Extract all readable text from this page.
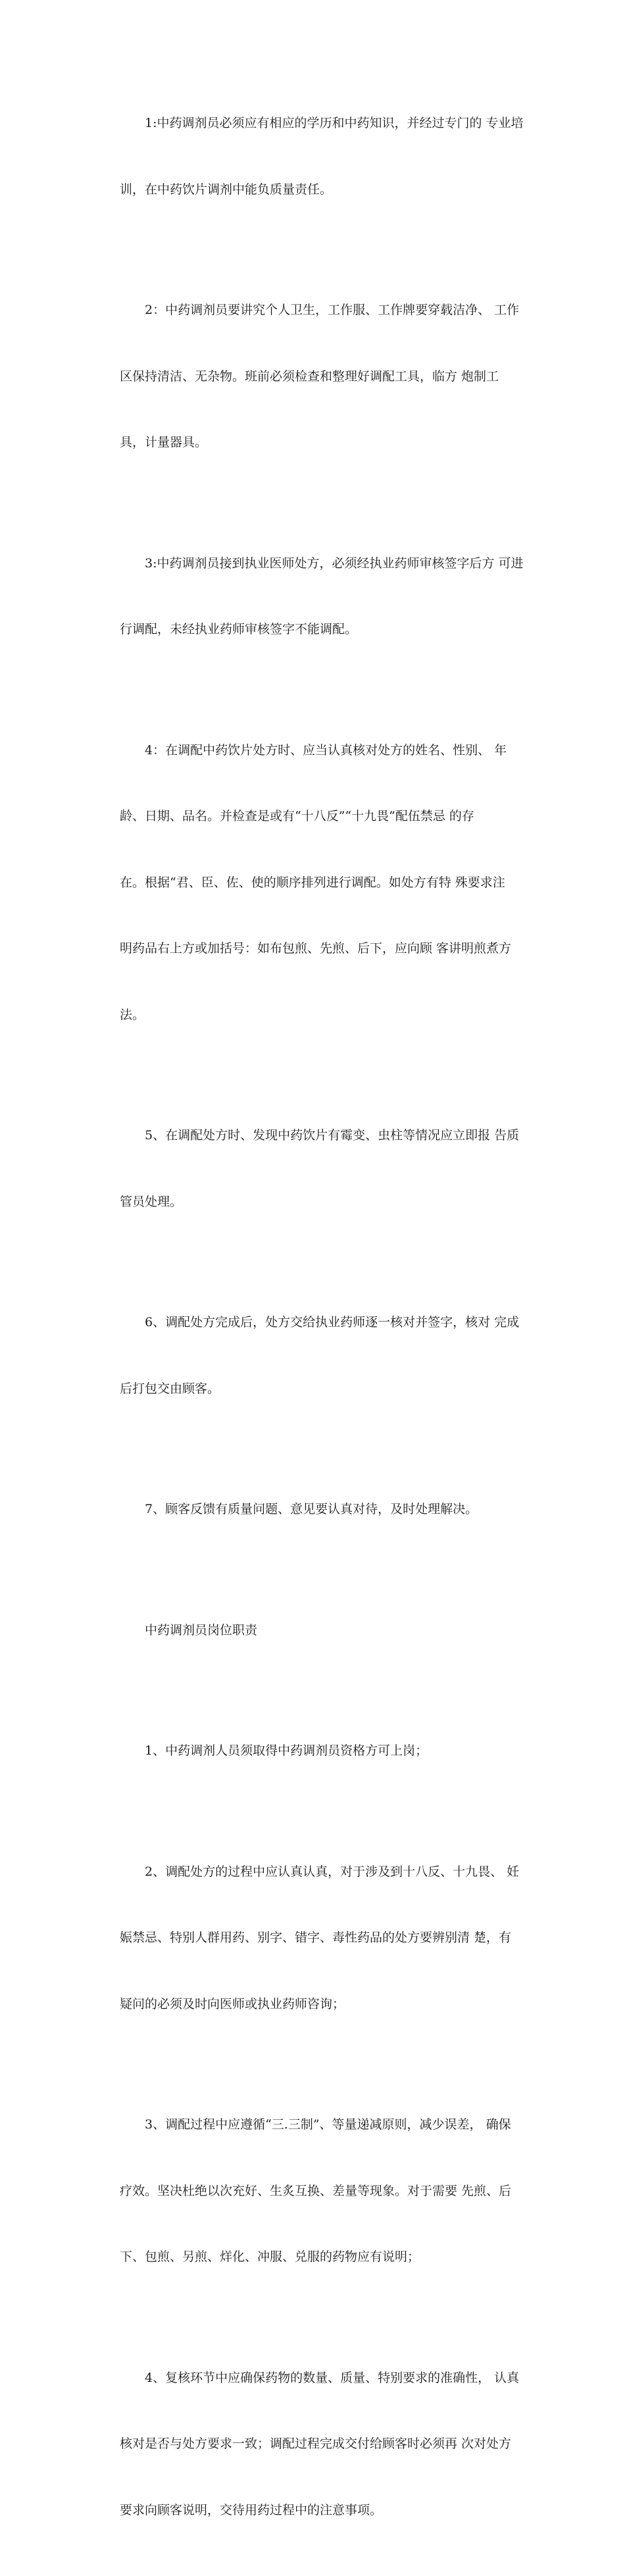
1:中药调剂员必须应有相应的学历和中药知识，并经过专门的 专业培

训，在中药饮片调剂中能负质量责任。

2：中药调剂员要讲究个人卫生，工作服、工作牌要穿载洁净、 工作

区保持清洁、无杂物。班前必须检查和整理好调配工具，临方 炮制工

具，计量器具。

3:中药调剂员接到执业医师处方，必须经执业药师审核签字后方 可进

行调配，未经执业药师审核签字不能调配。

4：在调配中药饮片处方时、应当认真核对处方的姓名、性别、 年

龄、日期、品名。并检查是或有“十八反”“十九畏”配伍禁忌 的存

在。根据“君、臣、佐、使的顺序排列进行调配。如处方有特 殊要求注

明药品右上方或加括号：如布包煎、先煎、后下，应向顾 客讲明煎煮方

法。

5、在调配处方时、发现中药饮片有霉变、虫柱等情况应立即报 告质

管员处理。

6、调配处方完成后，处方交给执业药师逐一核对并签字，核对 完成

后打包交由顾客。

7、顾客反馈有质量问题、意见要认真对待，及时处理解决。

中药调剂员岗位职责

1、中药调剂人员须取得中药调剂员资格方可上岗；

2、调配处方的过程中应认真认真，对于涉及到十八反、十九畏、 妊

娠禁忌、特别人群用药、别字、错字、毒性药品的处方要辨别清 楚，有

疑问的必须及时向医师或执业药师咨询；

3、调配过程中应遵循“三.三制”、等量递减原则，减少误差， 确保

疗效。坚决杜绝以次充好、生炙互换、差量等现象。对于需要 先煎、后

下、包煎、另煎、烊化、冲服、兑服的药物应有说明；

4、复核环节中应确保药物的数量、质量、特别要求的准确性， 认真

核对是否与处方要求一致；调配过程完成交付给顾客时必须再 次对处方

要求向顾客说明，交待用药过程中的注意事项。
